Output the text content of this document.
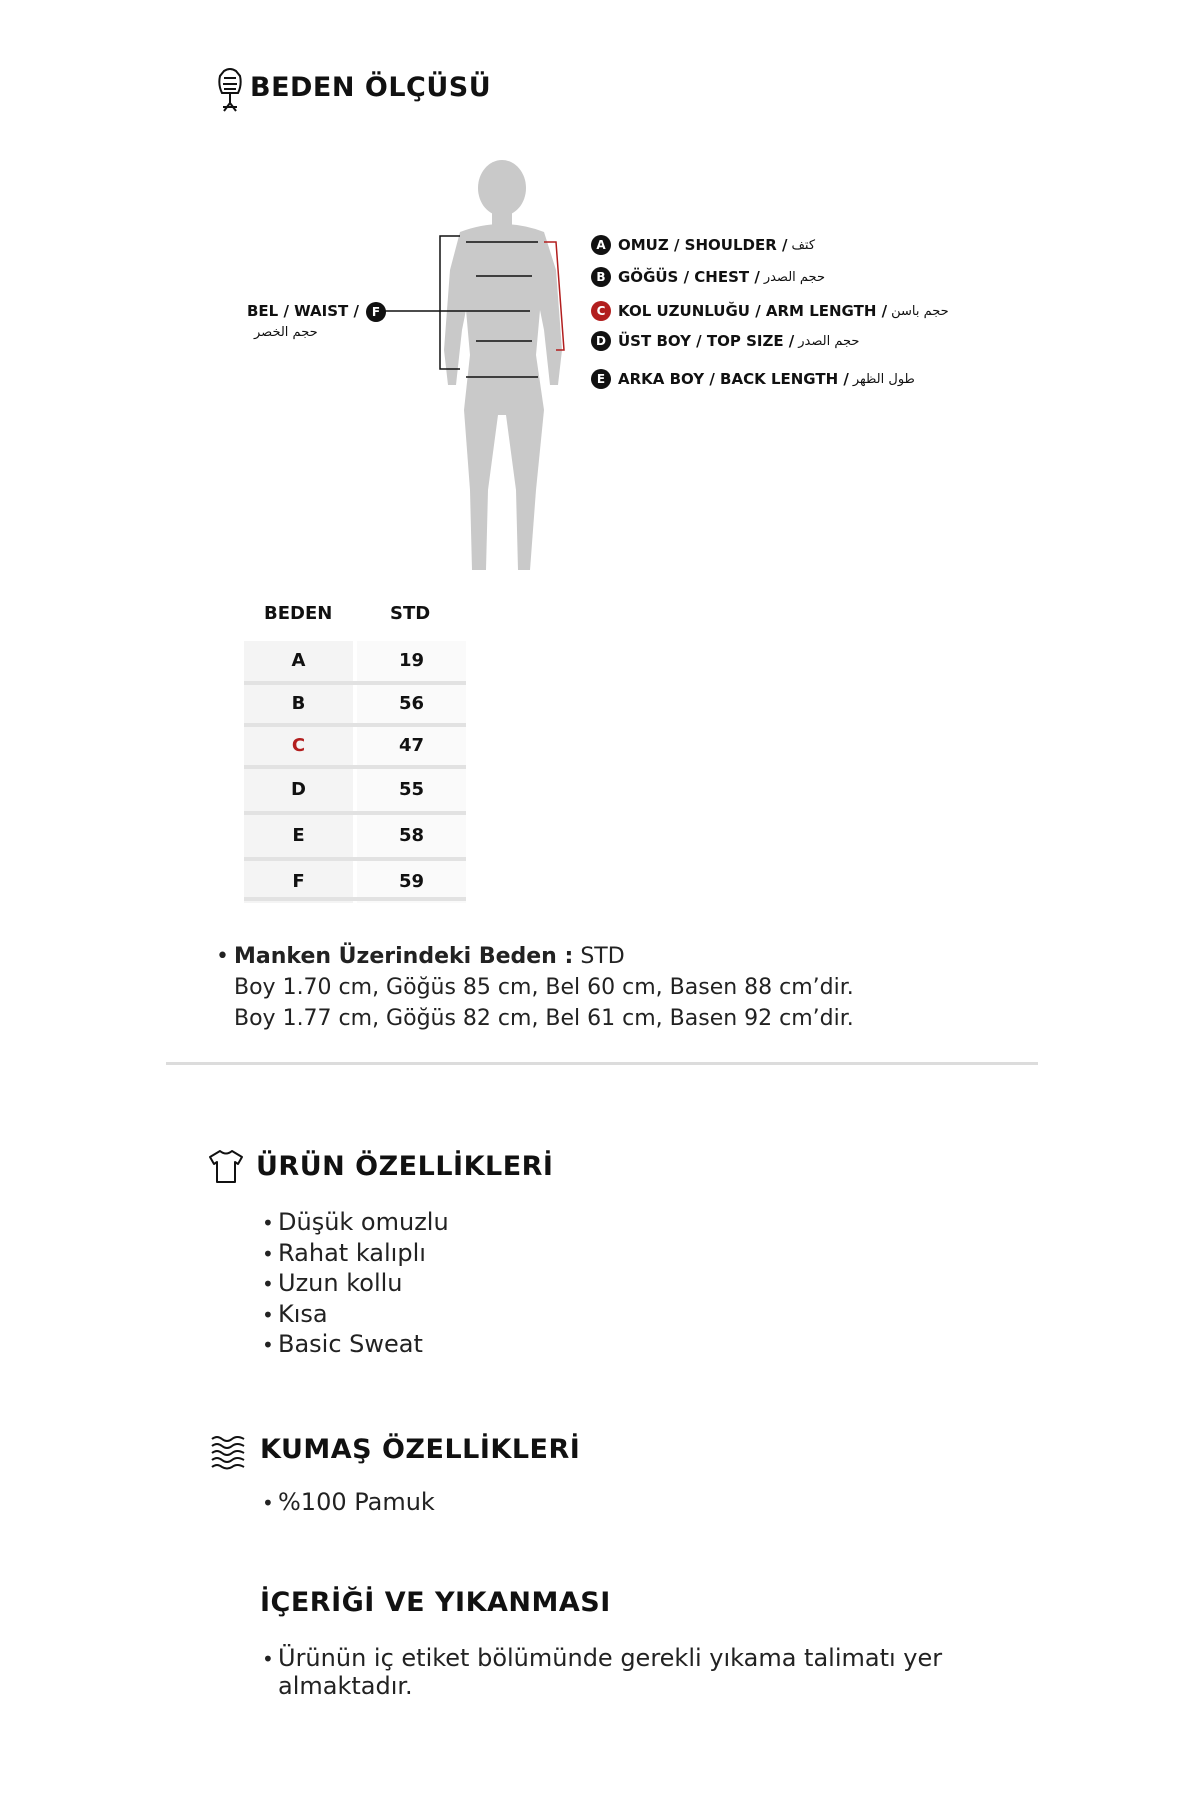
BEDEN ÖLÇÜSÜ
A OMUZ / SHOULDER / كتف
B GÖĞÜS / CHEST / حجم الصدر
C KOL UZUNLUĞU / ARM LENGTH / حجم باسن
D ÜST BOY / TOP SIZE / حجم الصدر
E ARKA BOY / BACK LENGTH / طول الظهر
BEL / WAIST /	F
حجم الخصر
BEDEN	STD
A	19
B	56
C	47
D	55
E	58
F	59
• Manken Üzerindeki Beden : STD
Boy 1.70 cm, Göğüs 85 cm, Bel 60 cm, Basen 88 cm’dir.
Boy 1.77 cm, Göğüs 82 cm, Bel 61 cm, Basen 92 cm’dir.
ÜRÜN ÖZELLİKLERİ
• Düşük omuzlu
• Rahat kalıplı
• Uzun kollu
• Kısa
• Basic Sweat
KUMAŞ ÖZELLİKLERİ
• %100 Pamuk
İÇERİĞİ VE YIKANMASI
• Ürünün iç etiket bölümünde gerekli yıkama talimatı yer
almaktadır.
